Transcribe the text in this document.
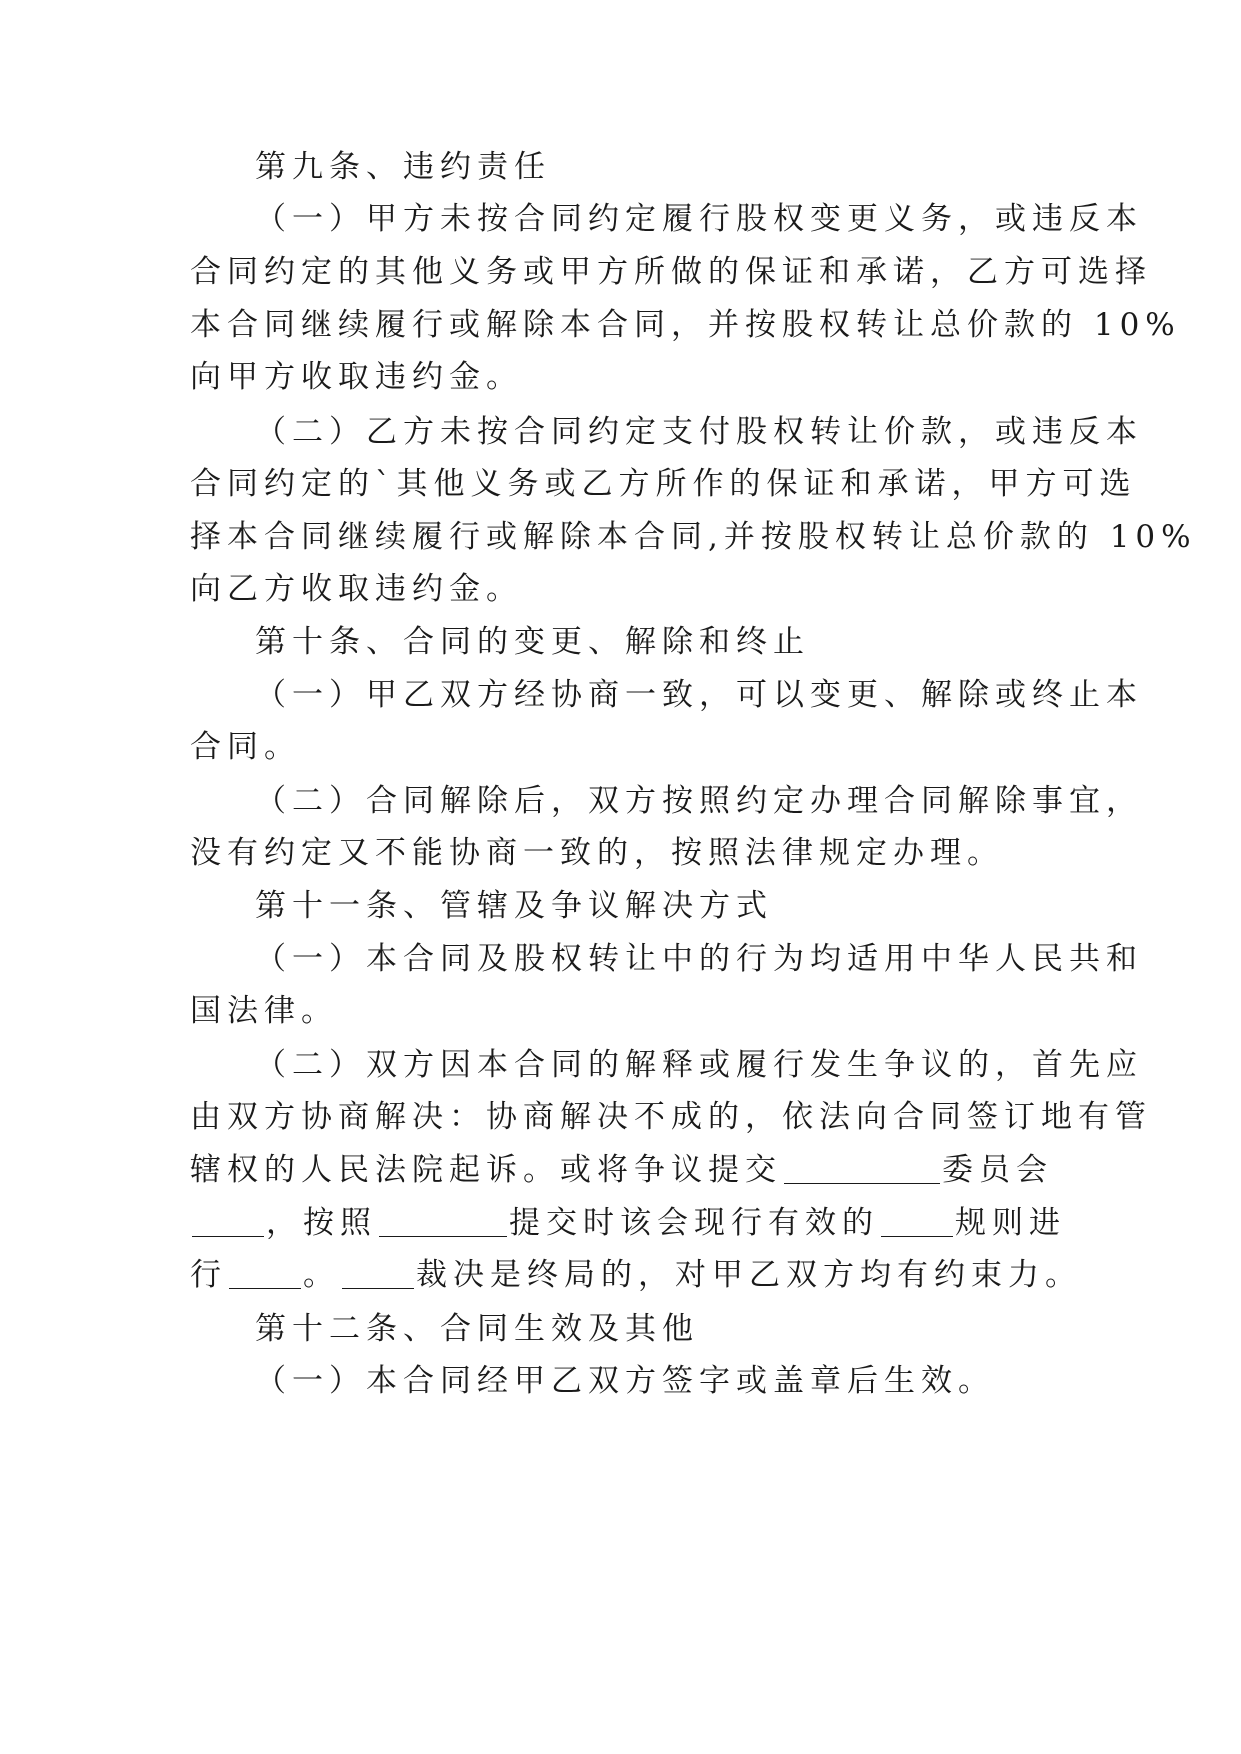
第九条、违约责任
（一）甲方未按合同约定履行股权变更义务，或违反本
合同约定的其他义务或甲方所做的保证和承诺，乙方可选择
本合同继续履行或解除本合同，并按股权转让总价款的 10%
向甲方收取违约金。
（二）乙方未按合同约定支付股权转让价款，或违反本
合同约定的`其他义务或乙方所作的保证和承诺，甲方可选
择本合同继续履行或解除本合同,并按股权转让总价款的 10%
向乙方收取违约金。
第十条、合同的变更、解除和终止
（一）甲乙双方经协商一致，可以变更、解除或终止本
合同。
（二）合同解除后，双方按照约定办理合同解除事宜，
没有约定又不能协商一致的，按照法律规定办理。
第十一条、管辖及争议解决方式
（一）本合同及股权转让中的行为均适用中华人民共和
国法律。
（二）双方因本合同的解释或履行发生争议的，首先应
由双方协商解决：协商解决不成的，依法向合同签订地有管
辖权的人民法院起诉。或将争议提交	委员会
，按照	提交时该会现行有效的 规则进
行 。 裁决是终局的，对甲乙双方均有约束力。
第十二条、合同生效及其他
（一）本合同经甲乙双方签字或盖章后生效。
